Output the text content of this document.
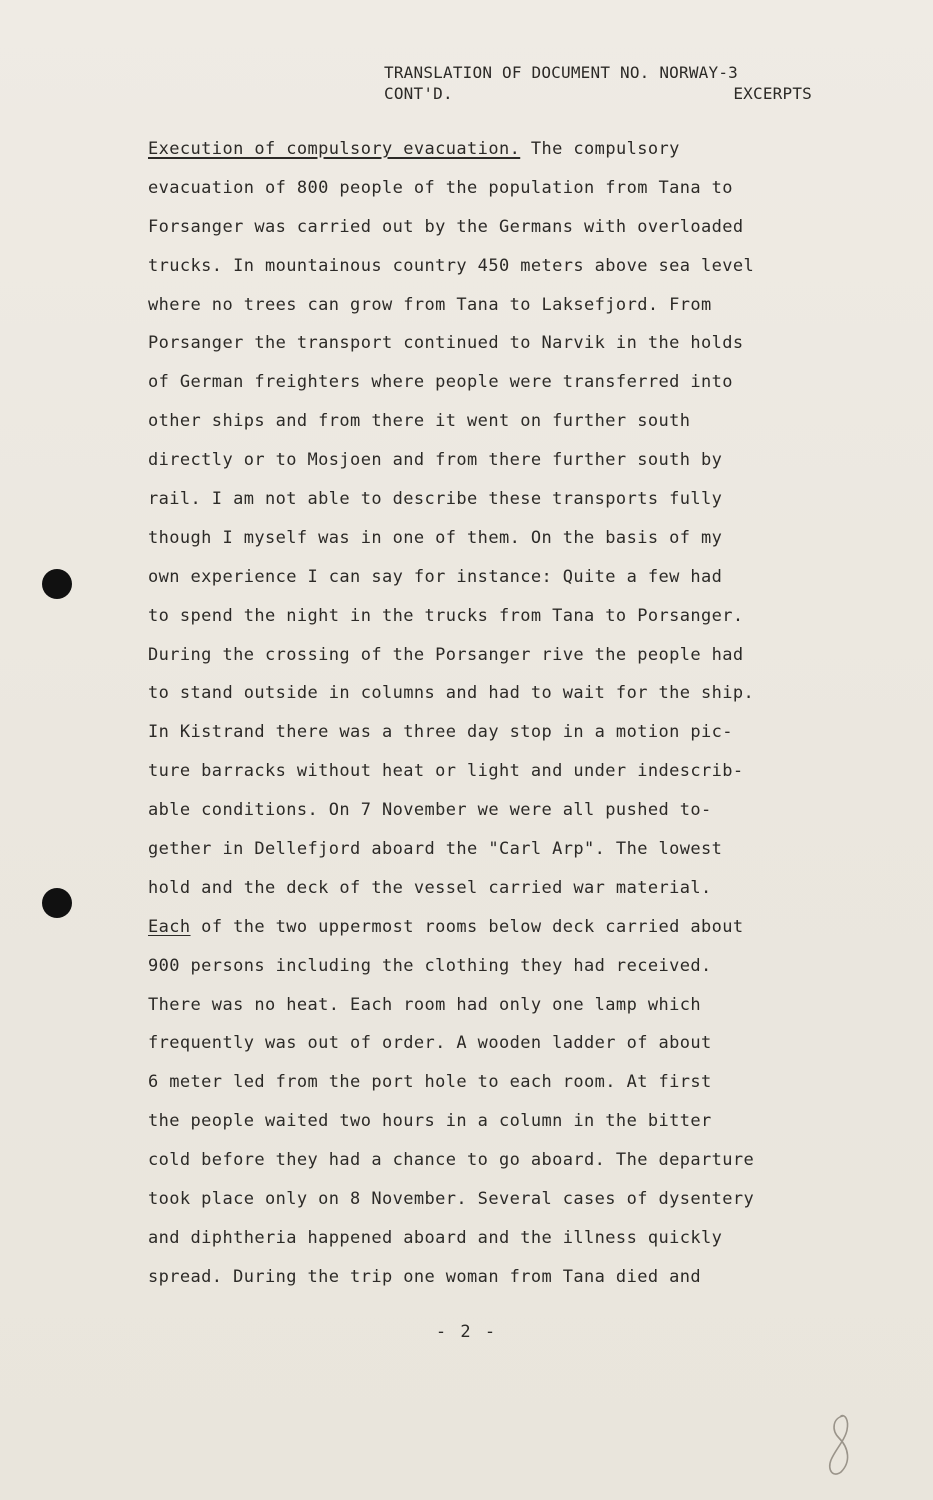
TRANSLATION OF DOCUMENT NO. NORWAY-3
CONT'D.	EXCERPTS
Execution of compulsory evacuation. The compulsory
evacuation of 800 people of the population from Tana to
Forsanger was carried out by the Germans with overloaded
trucks. In mountainous country 450 meters above sea level
where no trees can grow from Tana to Laksefjord. From
Porsanger the transport continued to Narvik in the holds
of German freighters where people were transferred into
other ships and from there it went on further south
directly or to Mosjoen and from there further south by
rail. I am not able to describe these transports fully
though I myself was in one of them. On the basis of my
own experience I can say for instance: Quite a few had
to spend the night in the trucks from Tana to Porsanger.
During the crossing of the Porsanger rive the people had
to stand outside in columns and had to wait for the ship.
In Kistrand there was a three day stop in a motion pic-
ture barracks without heat or light and under indescrib-
able conditions. On 7 November we were all pushed to-
gether in Dellefjord aboard the "Carl Arp". The lowest
hold and the deck of the vessel carried war material.
Each of the two uppermost rooms below deck carried about
900 persons including the clothing they had received.
There was no heat. Each room had only one lamp which
frequently was out of order. A wooden ladder of about
6 meter led from the port hole to each room. At first
the people waited two hours in a column in the bitter
cold before they had a chance to go aboard. The departure
took place only on 8 November. Several cases of dysentery
and diphtheria happened aboard and the illness quickly
spread. During the trip one woman from Tana died and
- 2 -
